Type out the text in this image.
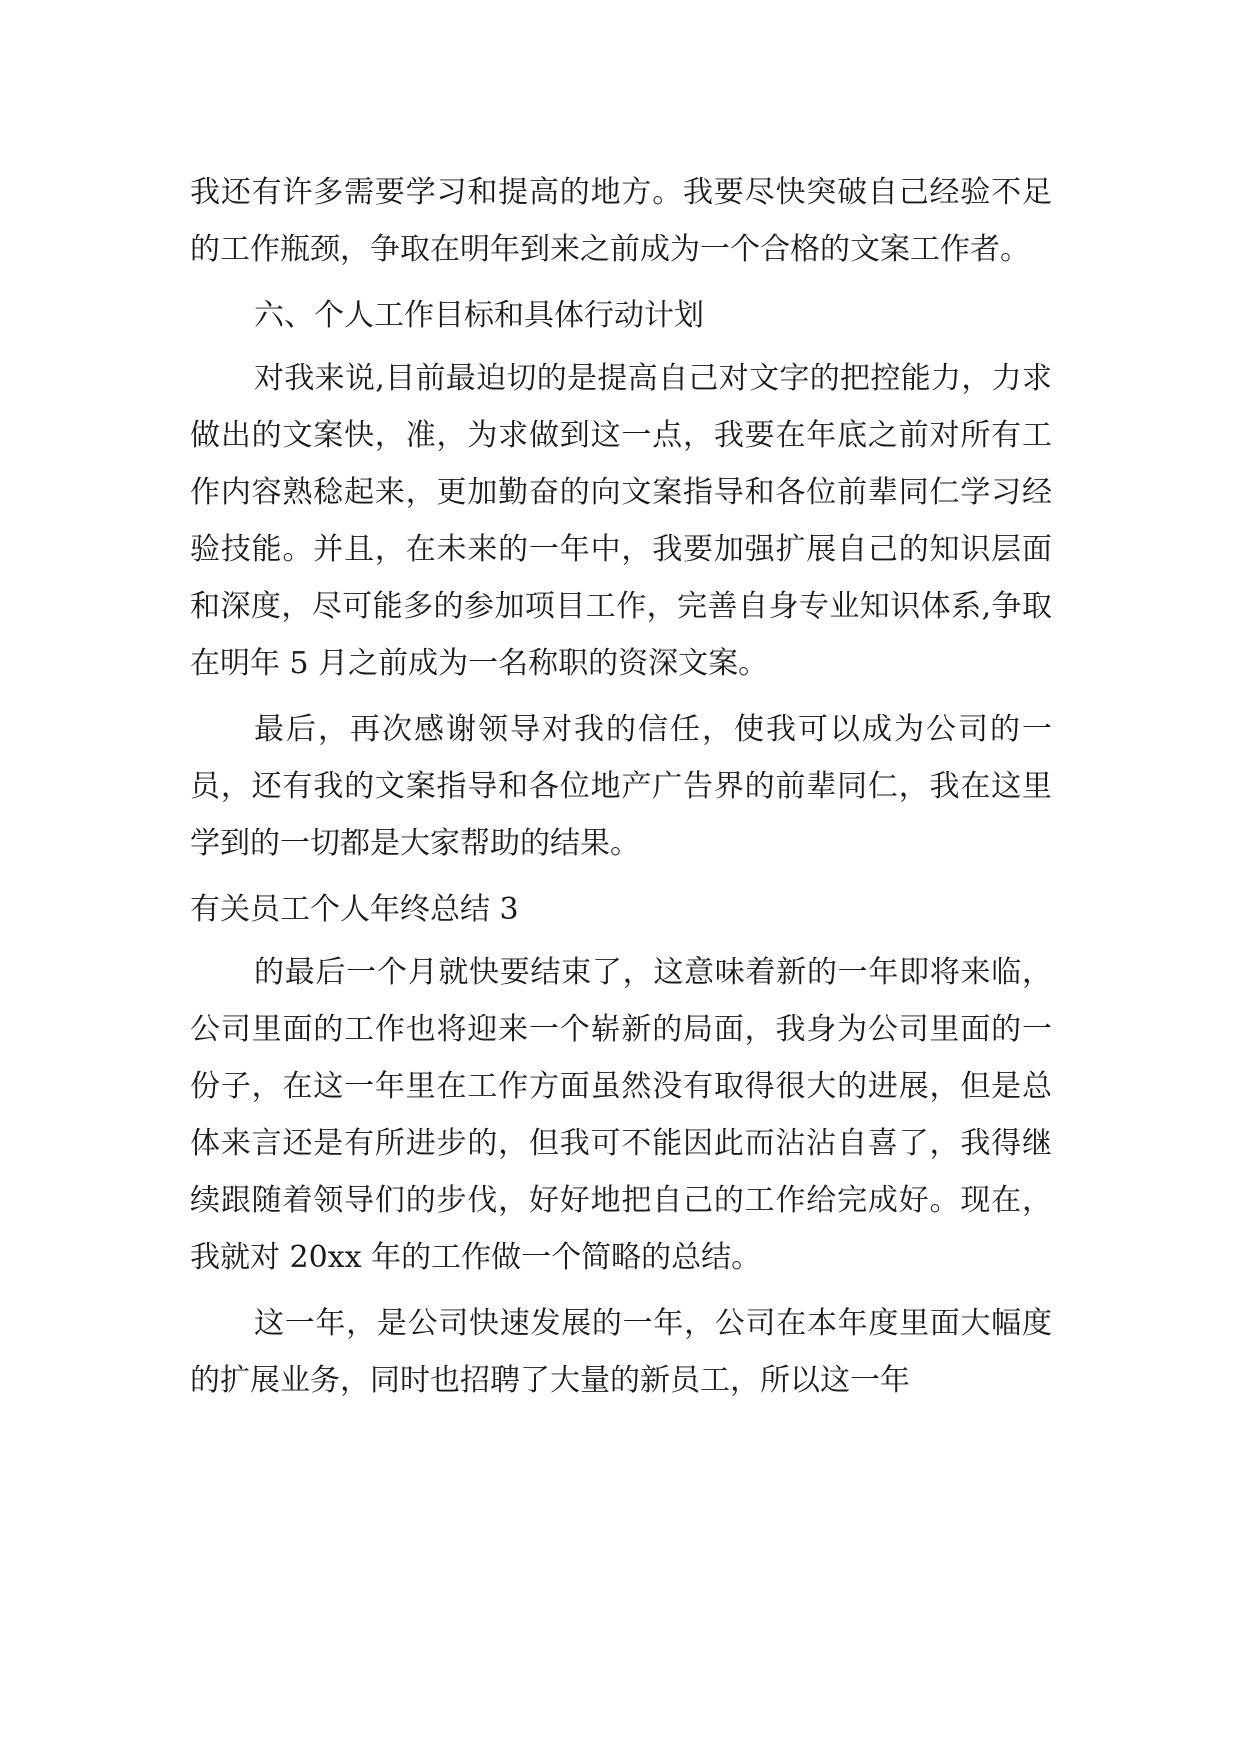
我还有许多需要学习和提高的地方。我要尽快突破自己经验不足的工作瓶颈，争取在明年到来之前成为一个合格的文案工作者。

六、个人工作目标和具体行动计划

对我来说,目前最迫切的是提高自己对文字的把控能力，力求做出的文案快，准，为求做到这一点，我要在年底之前对所有工作内容熟稔起来，更加勤奋的向文案指导和各位前辈同仁学习经验技能。并且，在未来的一年中，我要加强扩展自己的知识层面和深度，尽可能多的参加项目工作，完善自身专业知识体系,争取在明年 5 月之前成为一名称职的资深文案。

最后，再次感谢领导对我的信任，使我可以成为公司的一员，还有我的文案指导和各位地产广告界的前辈同仁，我在这里学到的一切都是大家帮助的结果。

有关员工个人年终总结 3

的最后一个月就快要结束了，这意味着新的一年即将来临，公司里面的工作也将迎来一个崭新的局面，我身为公司里面的一份子，在这一年里在工作方面虽然没有取得很大的进展，但是总体来言还是有所进步的，但我可不能因此而沾沾自喜了，我得继续跟随着领导们的步伐，好好地把自己的工作给完成好。现在，我就对 20xx 年的工作做一个简略的总结。

这一年，是公司快速发展的一年，公司在本年度里面大幅度的扩展业务，同时也招聘了大量的新员工，所以这一年
